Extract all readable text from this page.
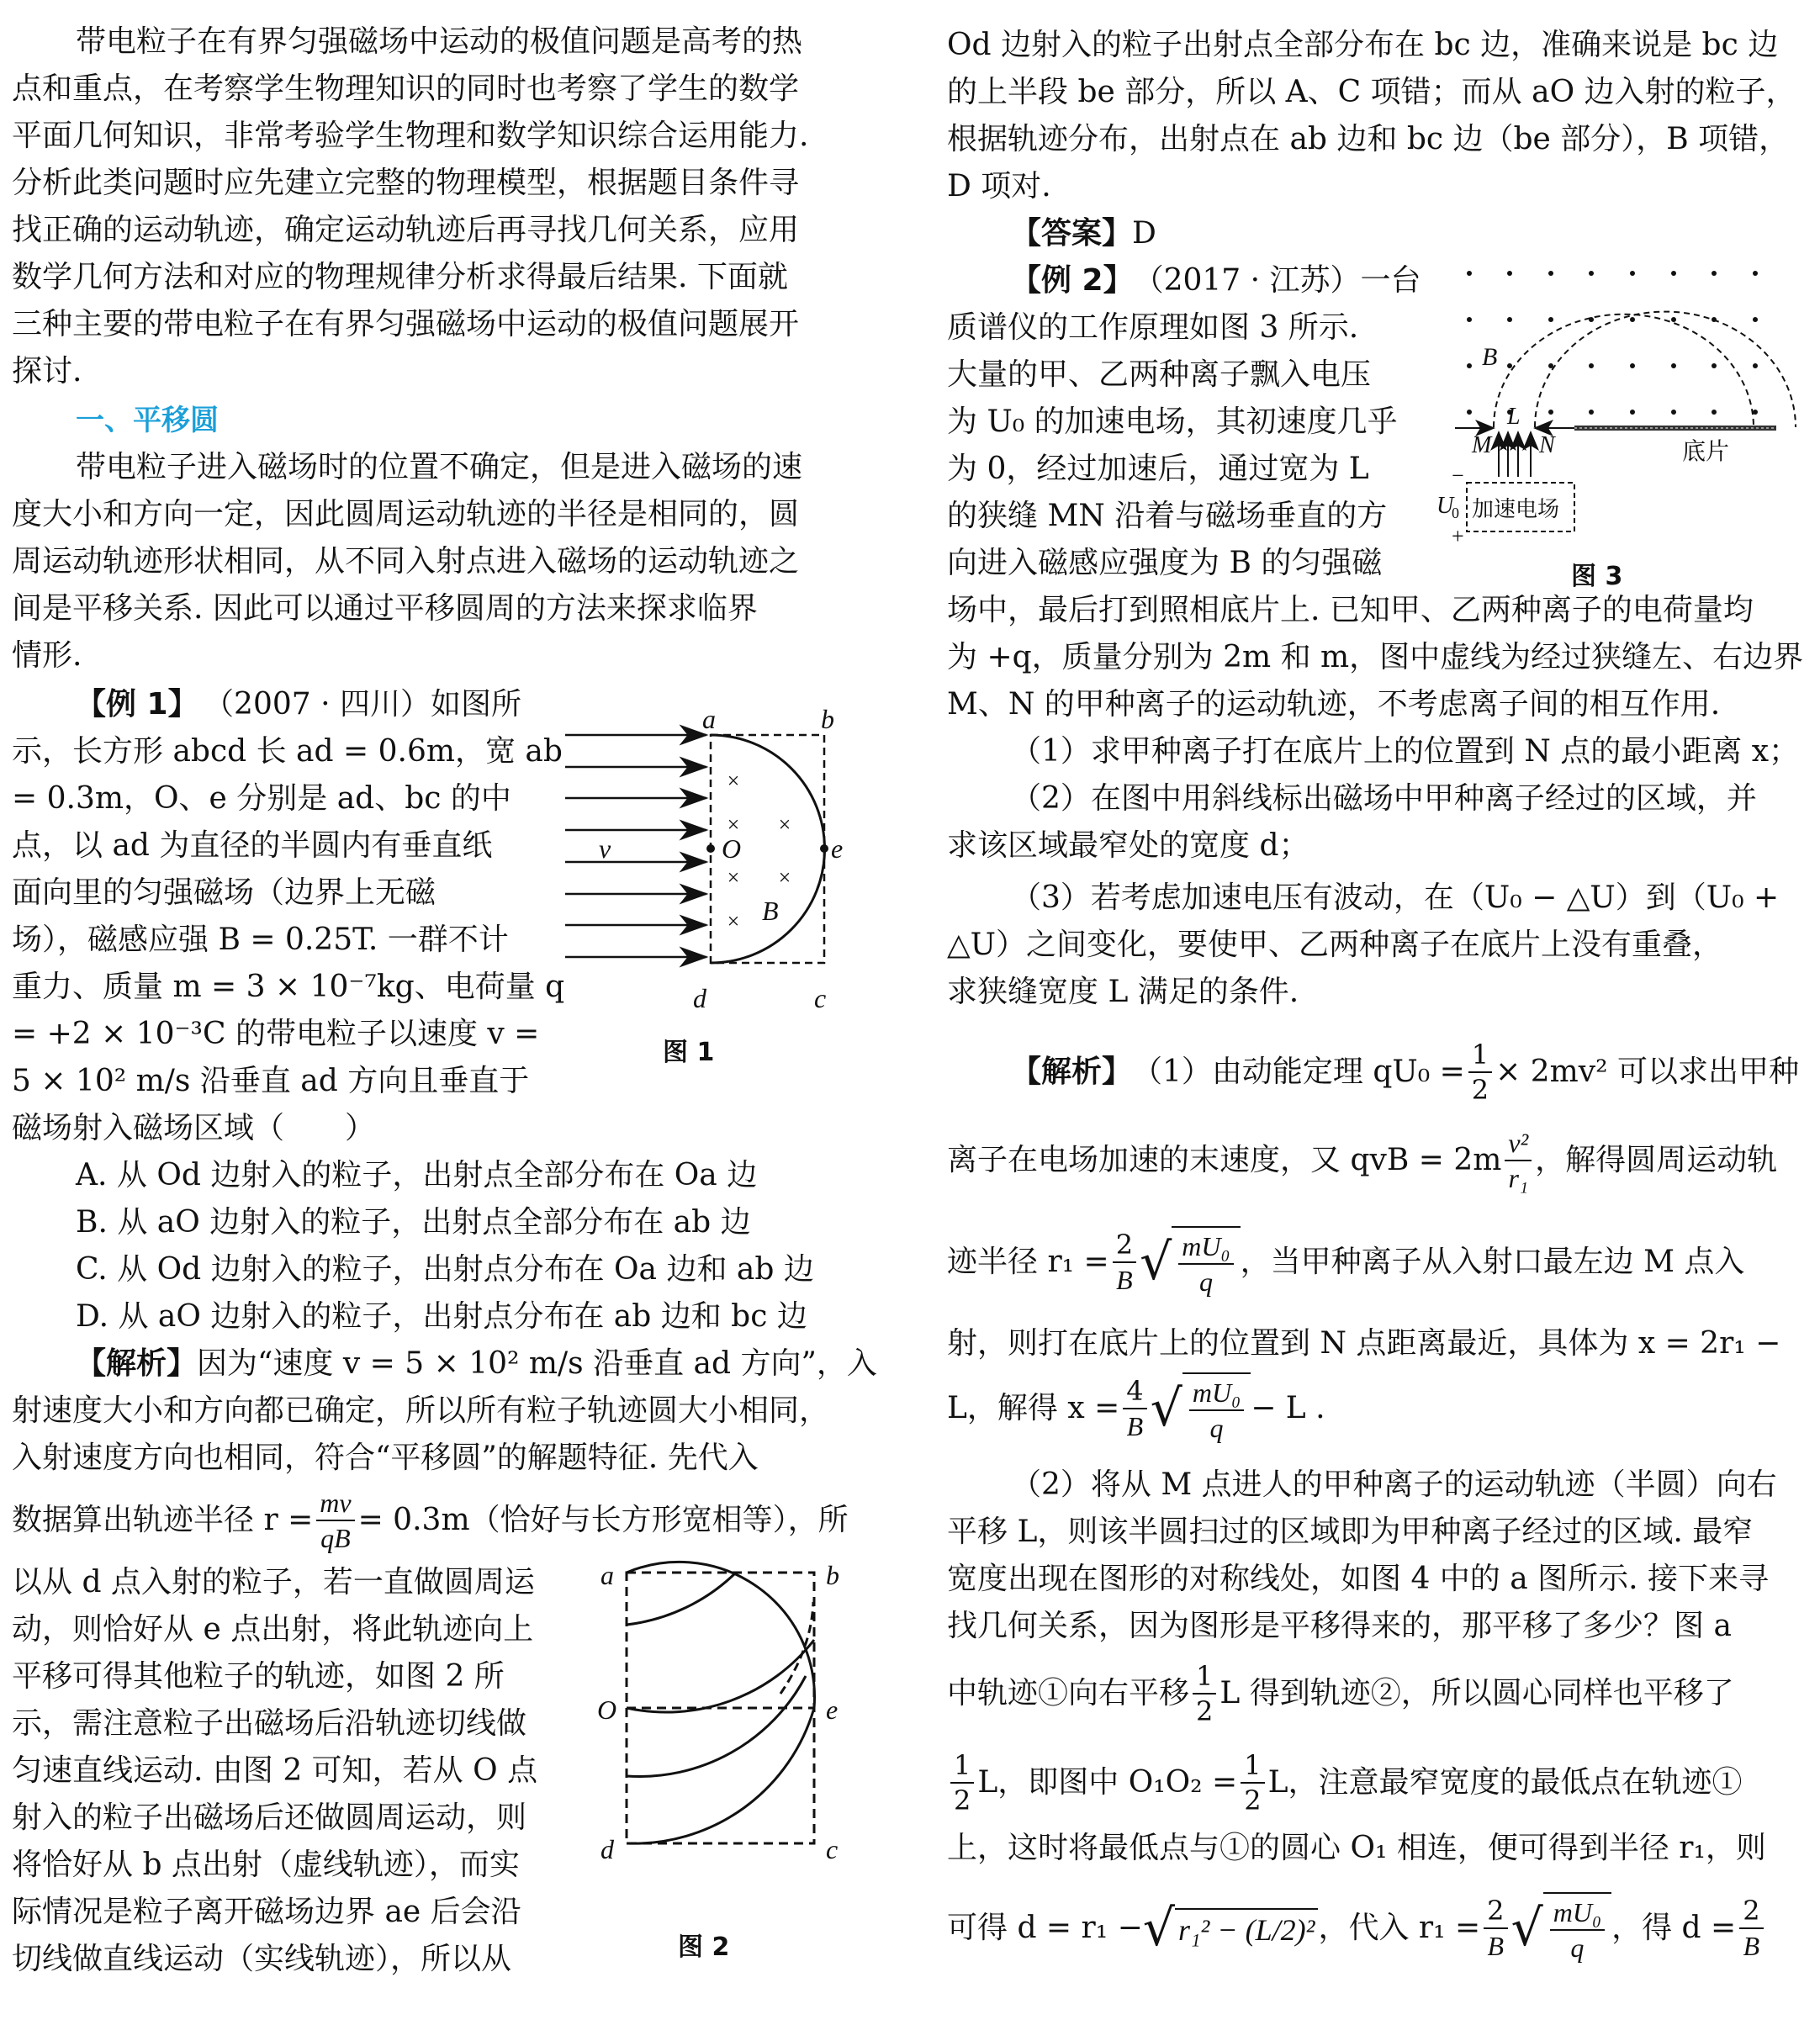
带电粒子在有界匀强磁场中运动的极值问题是高考的热
点和重点，在考察学生物理知识的同时也考察了学生的数学
平面几何知识，非常考验学生物理和数学知识综合运用能力.
分析此类问题时应先建立完整的物理模型，根据题目条件寻
找正确的运动轨迹，确定运动轨迹后再寻找几何关系，应用
数学几何方法和对应的物理规律分析求得最后结果. 下面就
三种主要的带电粒子在有界匀强磁场中运动的极值问题展开
探讨.
一、平移圆
带电粒子进入磁场时的位置不确定，但是进入磁场的速
度大小和方向一定，因此圆周运动轨迹的半径是相同的，圆
周运动轨迹形状相同，从不同入射点进入磁场的运动轨迹之
间是平移关系. 因此可以通过平移圆周的方法来探求临界
情形.
【例 1】 （2007 · 四川）如图所
示，长方形 abcd 长 ad = 0.6m，宽 ab
= 0.3m，O、e 分别是 ad、bc 的中
点，以 ad 为直径的半圆内有垂直纸
面向里的匀强磁场（边界上无磁
场），磁感应强 B = 0.25T. 一群不计
重力、质量 m = 3 × 10⁻⁷kg、电荷量 q
= +2 × 10⁻³C 的带电粒子以速度 v =
5 × 10² m/s 沿垂直 ad 方向且垂直于
磁场射入磁场区域（　　）
A. 从 Od 边射入的粒子，出射点全部分布在 Oa 边
B. 从 aO 边射入的粒子，出射点全部分布在 ab 边
C. 从 Od 边射入的粒子，出射点分布在 Oa 边和 ab 边
D. 从 aO 边射入的粒子，出射点分布在 ab 边和 bc 边
【解析】因为“速度 v = 5 × 10² m/s 沿垂直 ad 方向”，入
射速度大小和方向都已确定，所以所有粒子轨迹圆大小相同，
入射速度方向也相同，符合“平移圆”的解题特征. 先代入
数据算出轨迹半径 $r = \frac{mv}{qB} = 0.3m$（恰好与长方形宽相等），所
以从 d 点入射的粒子，若一直做圆周运
动，则恰好从 e 点出射，将此轨迹向上
平移可得其他粒子的轨迹，如图 2 所
示，需注意粒子出磁场后沿轨迹切线做
匀速直线运动. 由图 2 可知，若从 O 点
射入的粒子出磁场后还做圆周运动，则
将恰好从 b 点出射（虚线轨迹），而实
际情况是粒子离开磁场边界 ae 后会沿
切线做直线运动（实线轨迹），所以从
×
× ×
× ×
×
a	b
d	c
e
O
v
B
图 1
a	b
O	e
d	c
图 2
Od 边射入的粒子出射点全部分布在 bc 边，准确来说是 bc 边
的上半段 be 部分，所以 A、C 项错；而从 aO 边入射的粒子，
根据轨迹分布，出射点在 ab 边和 bc 边（be 部分），B 项错，
D 项对.
【答案】D
【例 2】 （2017 · 江苏）一台
质谱仪的工作原理如图 3 所示.
大量的甲、乙两种离子飘入电压
为 U₀ 的加速电场，其初速度几乎
为 0，经过加速后，通过宽为 L
的狭缝 MN 沿着与磁场垂直的方
向进入磁感应强度为 B 的匀强磁
场中，最后打到照相底片上. 已知甲、乙两种离子的电荷量均
为 +q，质量分别为 2m 和 m，图中虚线为经过狭缝左、右边界
M、N 的甲种离子的运动轨迹，不考虑离子间的相互作用.
（1）求甲种离子打在底片上的位置到 N 点的最小距离 x；
（2）在图中用斜线标出磁场中甲种离子经过的区域，并
求该区域最窄处的宽度 d；
（3）若考虑加速电压有波动，在（U₀ − △U）到（U₀ +
△U）之间变化，要使甲、乙两种离子在底片上没有重叠，
求狭缝宽度 L 满足的条件.
【解析】 （1）由动能定理 $qU_0 = \frac{1}{2} \times 2mv^2$ 可以求出甲种
离子在电场加速的末速度，又 qvB = $2m \frac{\text{v²}}{\text{r₁}}$ ，解得圆周运动轨
迹半径 $r_1 = \frac{2}{B}$ √ $\frac{\text{mU₀}}{q}$ ，当甲种离子从入射口最左边 M 点入
射，则打在底片上的位置到 N 点距离最近，具体为 x = 2r₁ −
L，解得 $x = \frac{4}{B}$ √ $\frac{\text{mU₀}}{q} - L$ .
（2）将从 M 点进人的甲种离子的运动轨迹（半圆）向右
平移 L，则该半圆扫过的区域即为甲种离子经过的区域. 最窄
宽度出现在图形的对称线处，如图 4 中的 a 图所示. 接下来寻
找几何关系，因为图形是平移得来的，那平移了多少？图 a
中轨迹①向右平移 $\frac{1}{2}$ L 得到轨迹②，所以圆心同样也平移了
$\frac{1}{2}$ L，即图中 $O_1O_2 = \frac{1}{2}$ L，注意最窄宽度的最低点在轨迹①
上，这时将最低点与①的圆心 O₁ 相连，便可得到半径 r₁，则
可得 d = r₁ − √ r₁² − (L/2)² ，代入 $r_1 = \frac{2}{B}$ √ $\frac{\text{mU₀}}{q}$ ，得 $d = \frac{2}{B}$
B
L
M N	底片
加速电场
U
0
−
+
图 3
